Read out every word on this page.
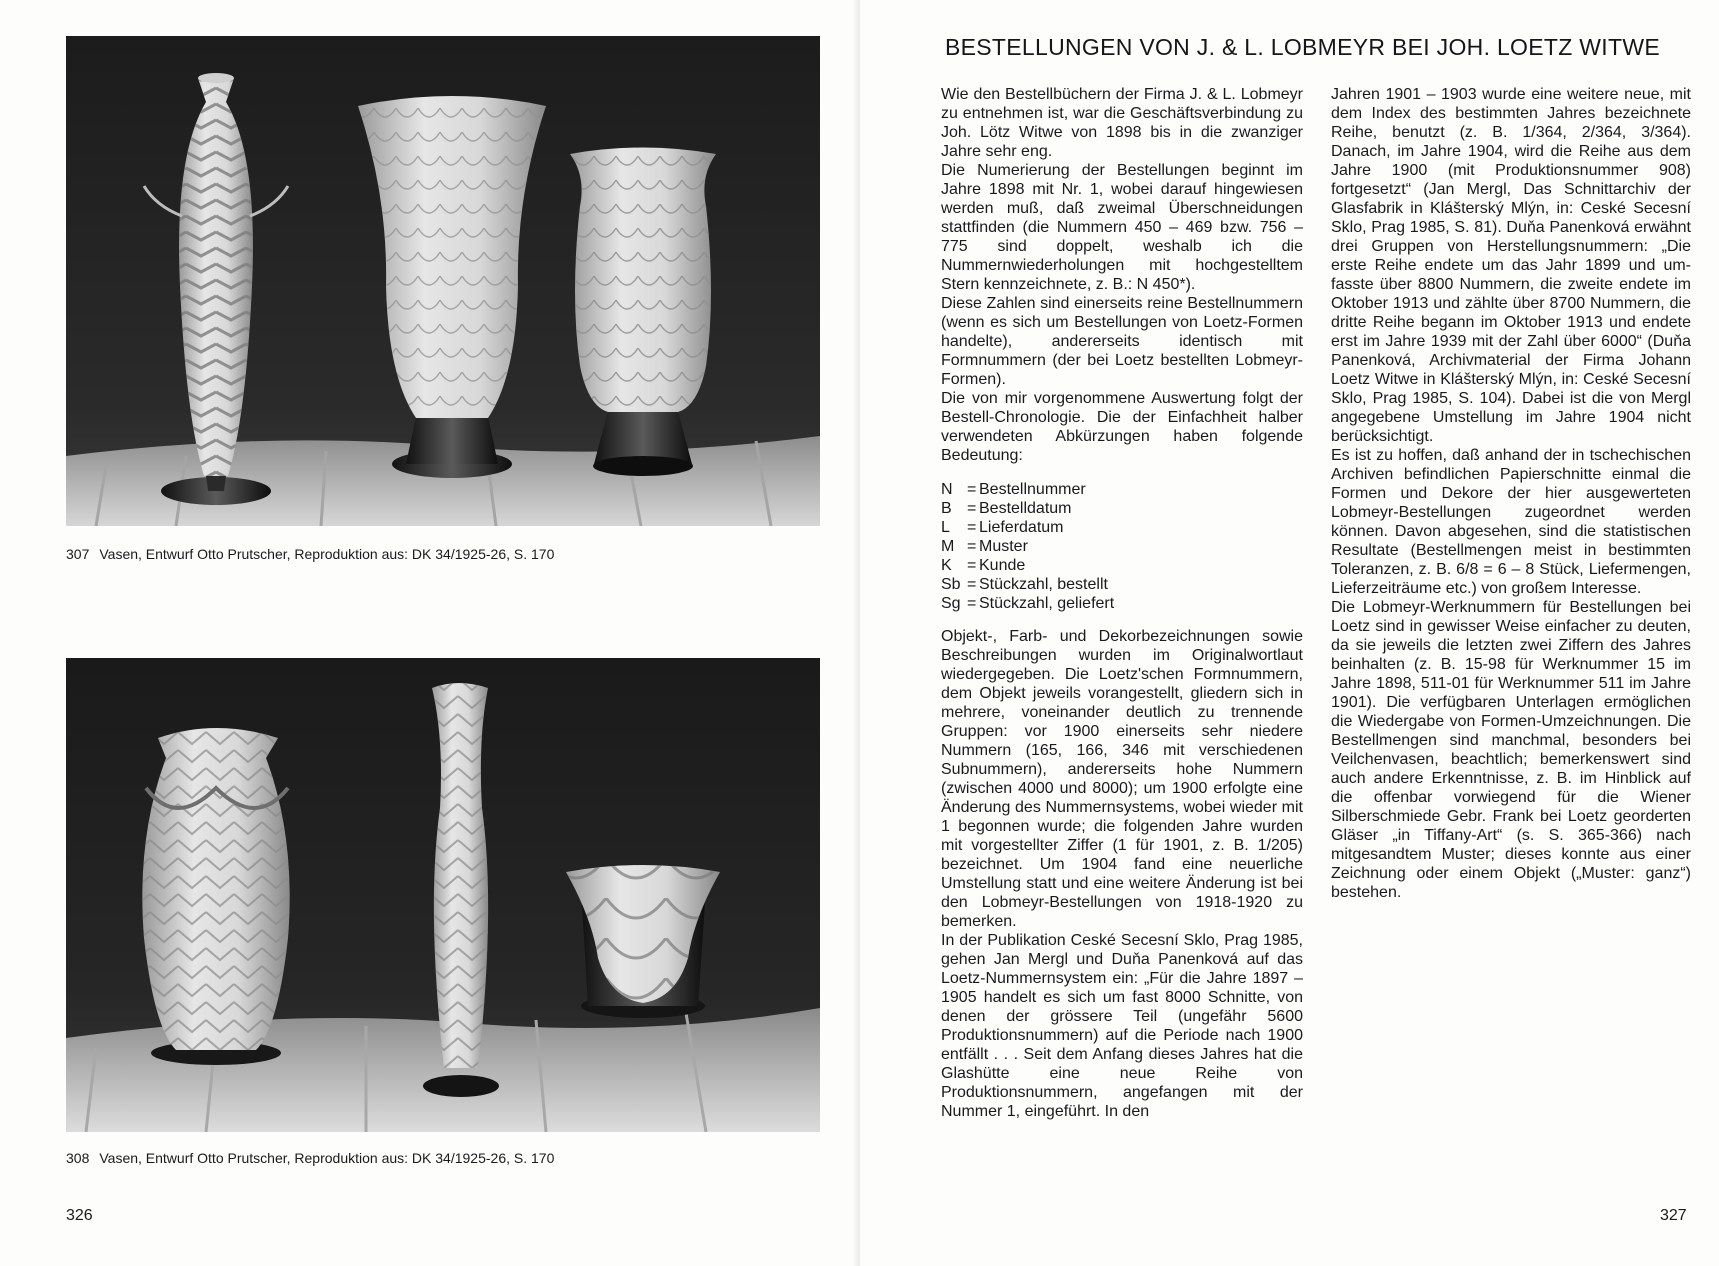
307 Vasen, Entwurf Otto Prutscher, Reproduktion aus: DK 34/1925-26, S. 170
308 Vasen, Entwurf Otto Prutscher, Reproduktion aus: DK 34/1925-26, S. 170
326
BESTELLUNGEN VON J. & L. LOBMEYR BEI JOH. LOETZ WITWE

Wie den Bestellbüchern der Firma J. & L. Lobmeyr zu entnehmen ist, war die Geschäftsverbindung zu Joh. Lötz Witwe von 1898 bis in die zwanziger Jahre sehr eng.

Die Numerierung der Bestellungen beginnt im Jahre 1898 mit Nr. 1, wobei darauf hingewiesen werden muß, daß zweimal Überschneidungen stattfinden (die Nummern 450 – 469 bzw. 756 – 775 sind doppelt, weshalb ich die Nummernwiederholungen mit hochgestelltem Stern kennzeichnete, z. B.: N 450*).

Diese Zahlen sind einerseits reine Bestellnummern (wenn es sich um Bestellungen von Loetz-Formen handelte), andererseits identisch mit Formnummern (der bei Loetz bestellten Lobmeyr-Formen).

Die von mir vorgenommene Auswertung folgt der Bestell-Chronologie. Die der Einfachheit halber verwendeten Abkürzungen haben folgende Bedeutung:

N = Bestellnummer
B = Bestelldatum
L	= Lieferdatum
M = Muster
K = Kunde
Sb = Stückzahl, bestellt
Sg = Stückzahl, geliefert

Objekt-, Farb- und Dekorbezeichnungen sowie Beschreibungen wurden im Originalwortlaut wiedergegeben. Die Loetz'schen Formnummern, dem Objekt jeweils vorangestellt, gliedern sich in mehrere, voneinander deutlich zu trennende Gruppen: vor 1900 einerseits sehr niedere Nummern (165, 166, 346 mit verschiedenen Subnummern), andererseits hohe Nummern (zwischen 4000 und 8000); um 1900 erfolgte eine Änderung des Nummernsystems, wobei wieder mit 1 begonnen wurde; die folgenden Jahre wurden mit vorgestellter Ziffer (1 für 1901, z. B. 1/205) bezeichnet. Um 1904 fand eine neuerliche Umstellung statt und eine weitere Änderung ist bei den Lobmeyr-Bestellungen von 1918-1920 zu bemerken.

In der Publikation Ceské Secesní Sklo, Prag 1985, gehen Jan Mergl und Duňa Panenková auf das Loetz-Nummernsystem ein: „Für die Jahre 1897 – 1905 handelt es sich um fast 8000 Schnitte, von denen der grössere Teil (ungefähr 5600 Produktionsnummern) auf die Periode nach 1900 entfällt . . . Seit dem Anfang dieses Jahres hat die Glashütte eine neue Reihe von Produktionsnummern, angefangen mit der Nummer 1, eingeführt. In den

Jahren 1901 – 1903 wurde eine weitere neue, mit dem Index des bestimmten Jahres bezeichnete Reihe, benutzt (z. B. 1/364, 2/364, 3/364). Danach, im Jahre 1904, wird die Reihe aus dem Jahre 1900 (mit Produktionsnummer 908) fortgesetzt“ (Jan Mergl, Das Schnittarchiv der Glasfabrik in Klášterský Mlýn, in: Ceské Secesní Sklo, Prag 1985, S. 81). Duňa Panenková erwähnt drei Gruppen von Herstellungsnummern: „Die erste Reihe endete um das Jahr 1899 und umfasste über 8800 Nummern, die zweite endete im Oktober 1913 und zählte über 8700 Nummern, die dritte Reihe begann im Oktober 1913 und endete erst im Jahre 1939 mit der Zahl über 6000“ (Duňa Panenková, Archivmaterial der Firma Johann Loetz Witwe in Klášterský Mlýn, in: Ceské Secesní Sklo, Prag 1985, S. 104). Dabei ist die von Mergl angegebene Umstellung im Jahre 1904 nicht berücksichtigt.

Es ist zu hoffen, daß anhand der in tschechischen Archiven befindlichen Papierschnitte einmal die Formen und Dekore der hier ausgewerteten Lobmeyr-Bestellungen zugeordnet werden können. Davon abgesehen, sind die statistischen Resultate (Bestellmengen meist in bestimmten Toleranzen, z. B. 6/8 = 6 – 8 Stück, Liefermengen, Lieferzeiträume etc.) von großem Interesse.

Die Lobmeyr-Werknummern für Bestellungen bei Loetz sind in gewisser Weise einfacher zu deuten, da sie jeweils die letzten zwei Ziffern des Jahres beinhalten (z. B. 15-98 für Werknummer 15 im Jahre 1898, 511-01 für Werknummer 511 im Jahre 1901). Die verfügbaren Unterlagen ermöglichen die Wiedergabe von Formen-Umzeichnungen. Die Bestellmengen sind manchmal, besonders bei Veilchenvasen, beachtlich; bemerkenswert sind auch andere Erkenntnisse, z. B. im Hinblick auf die offenbar vorwiegend für die Wiener Silberschmiede Gebr. Frank bei Loetz georderten Gläser „in Tiffany-Art“ (s. S. 365-366) nach mitgesandtem Muster; dieses konnte aus einer Zeichnung oder einem Objekt („Muster: ganz“) bestehen.

327
